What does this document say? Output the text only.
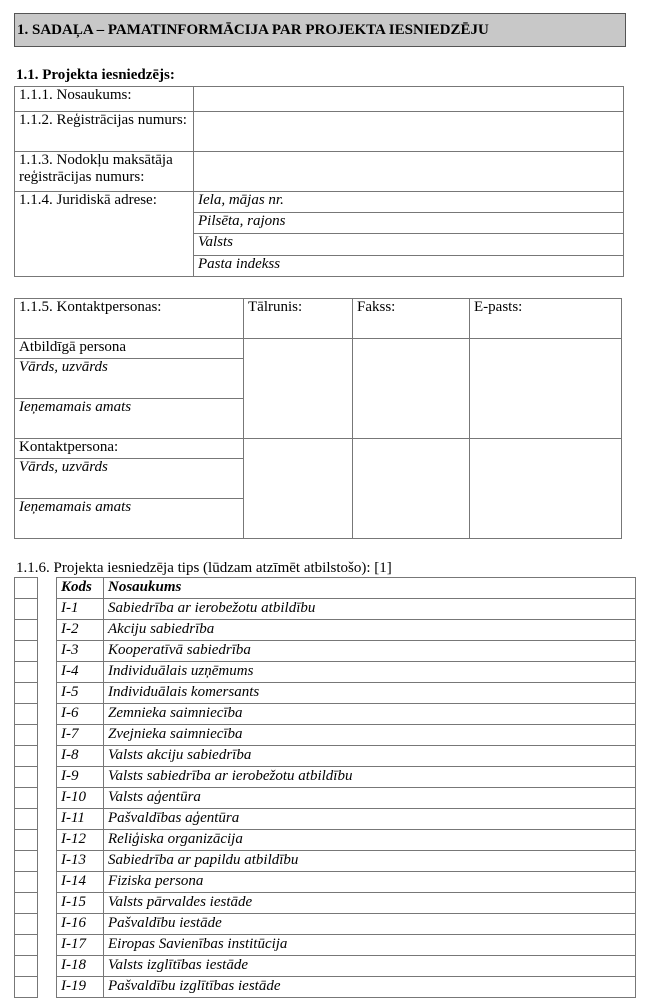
1. SADAĻA – PAMATINFORMĀCIJA PAR PROJEKTA IESNIEDZĒJU
1.1. Projekta iesniedzējs:
1.1.1. Nosaukums:	
1.1.2. Reģistrācijas numurs:	
1.1.3. Nodokļu maksātāja reģistrācijas numurs:	
1.1.4. Juridiskā adrese:	Iela, mājas nr.
	Pilsēta, rajons
	Valsts
	Pasta indekss
1.1.5. Kontaktpersonas:	Tālrunis:	Fakss:	E-pasts:
Atbildīgā persona			
Vārds, uzvārds			
Ieņemamais amats			
Kontaktpersona:			
Vārds, uzvārds			
Ieņemamais amats			
1.1.6. Projekta iesniedzēja tips (lūdzam atzīmēt atbilstošo): [1]
		Kods	Nosaukums
		I-1	Sabiedrība ar ierobežotu atbildību
		I-2	Akciju sabiedrība
		I-3	Kooperatīvā sabiedrība
		I-4	Individuālais uzņēmums
		I-5	Individuālais komersants
		I-6	Zemnieka saimniecība
		I-7	Zvejnieka saimniecība
		I-8	Valsts akciju sabiedrība
		I-9	Valsts sabiedrība ar ierobežotu atbildību
		I-10	Valsts aģentūra
		I-11	Pašvaldības aģentūra
		I-12	Reliģiska organizācija
		I-13	Sabiedrība ar papildu atbildību
		I-14	Fiziska persona
		I-15	Valsts pārvaldes iestāde
		I-16	Pašvaldību iestāde
		I-17	Eiropas Savienības institūcija
		I-18	Valsts izglītības iestāde
		I-19	Pašvaldību izglītības iestāde
